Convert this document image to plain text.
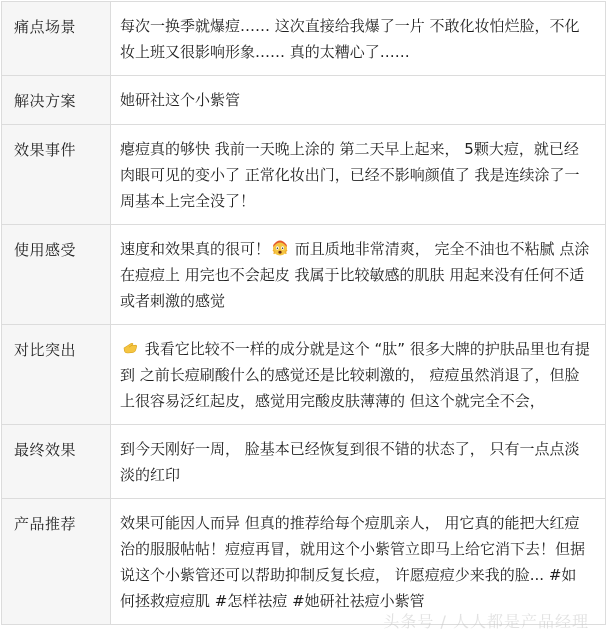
痛点场景	每次一换季就爆痘…… 这次直接给我爆了一片 不敢化妆怕烂脸，不化妆上班又很影响形象…… 真的太糟心了……
解决方案	她研社这个小紫管
效果事件	瘪痘真的够快 我前一天晚上涂的 第二天早上起来， 5颗大痘，就已经肉眼可见的变小了 正常化妆出门，已经不影响颜值了 我是连续涂了一周基本上完全没了！
使用感受	速度和效果真的很可！ 而且质地非常清爽， 完全不油也不粘腻 点涂在痘痘上 用完也不会起皮 我属于比较敏感的肌肤 用起来没有任何不适或者刺激的感觉
对比突出	我看它比较不一样的成分就是这个 “肽” 很多大牌的护肤品里也有提到 之前长痘刷酸什么的感觉还是比较刺激的， 痘痘虽然消退了，但脸上很容易泛红起皮，感觉用完酸皮肤薄薄的 但这个就完全不会，
最终效果	到今天刚好一周， 脸基本已经恢复到很不错的状态了， 只有一点点淡淡的红印
产品推荐	效果可能因人而异 但真的推荐给每个痘肌亲人， 用它真的能把大红痘治的服服帖帖！痘痘再冒，就用这个小紫管立即马上给它消下去！但据说这个小紫管还可以帮助抑制反复长痘， 许愿痘痘少来我的脸... #如何拯救痘痘肌 #怎样祛痘 #她研社祛痘小紫管
头条号 / 人人都是产品经理
